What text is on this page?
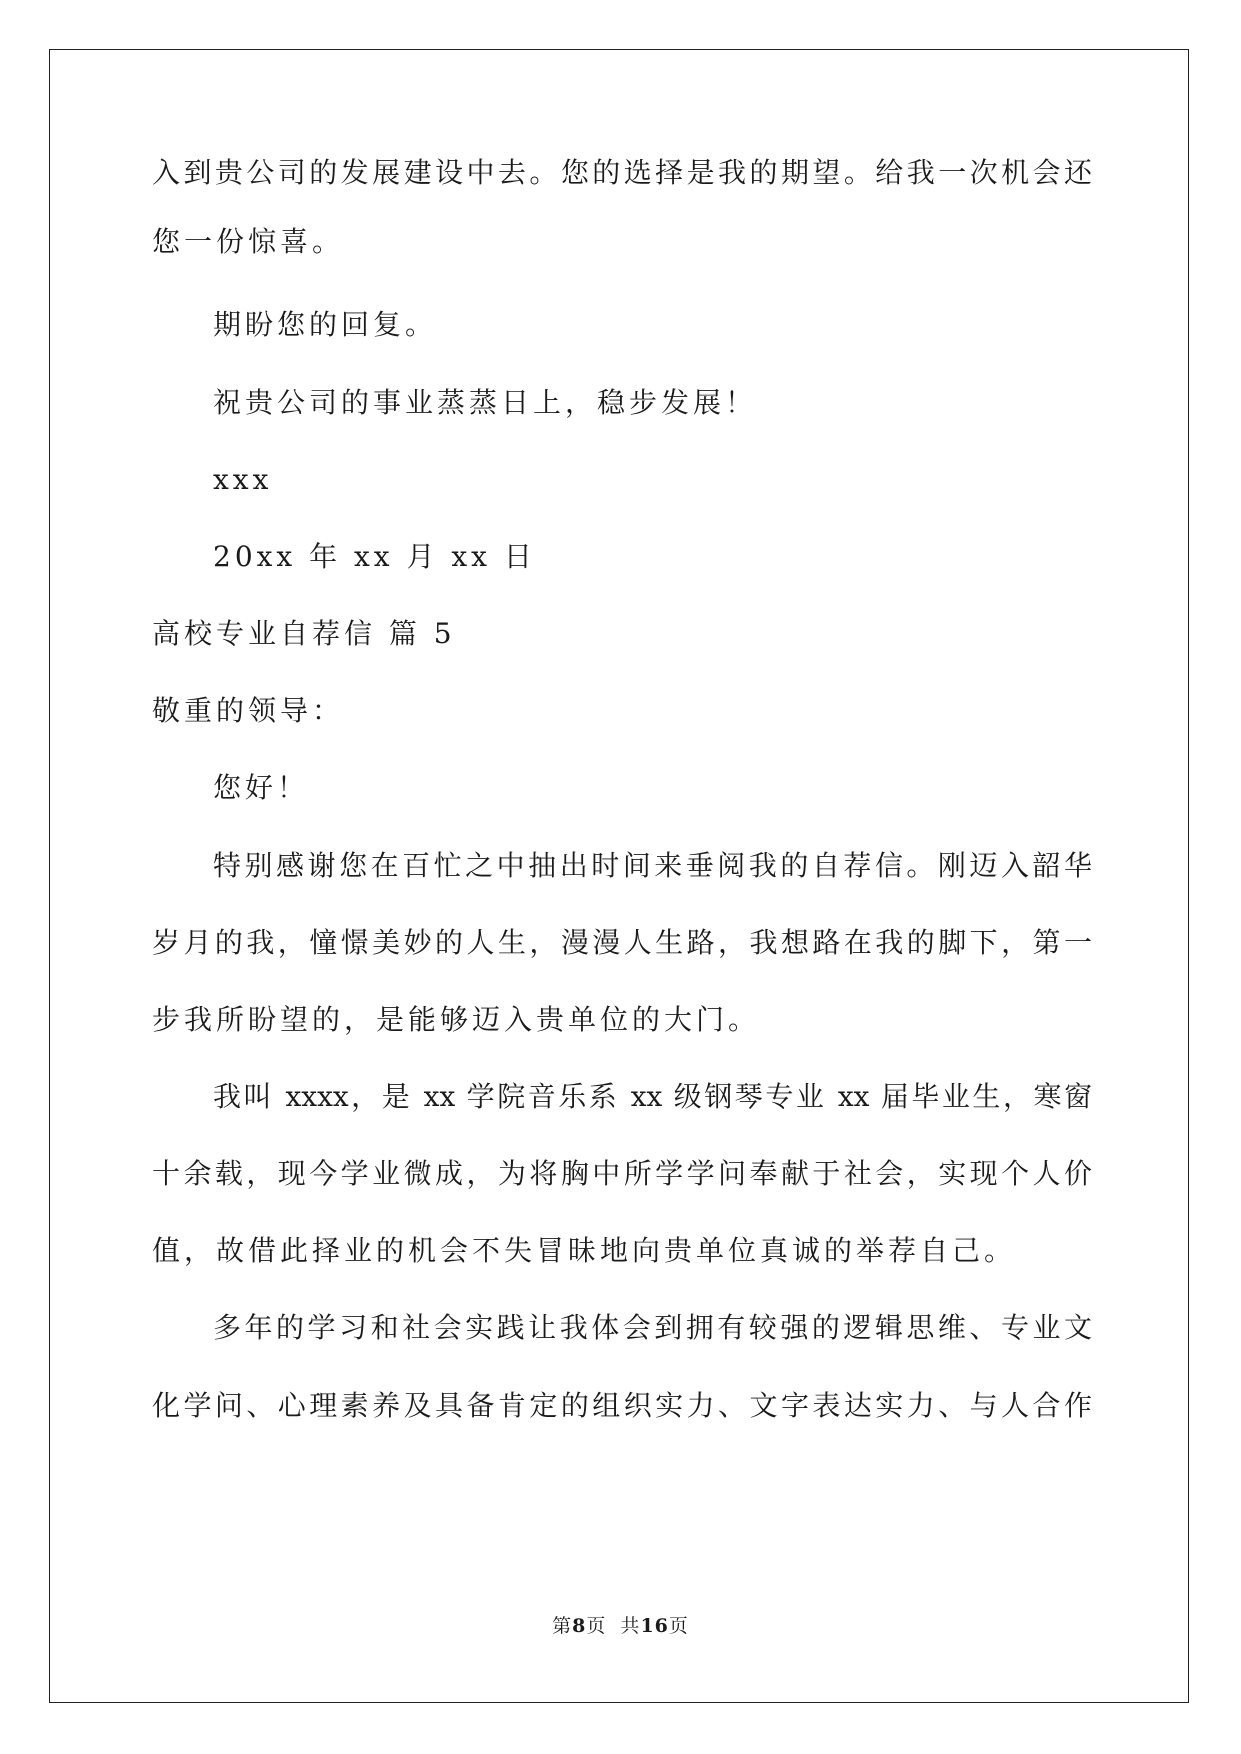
入到贵公司的发展建设中去。您的选择是我的期望。给我一次机会还
您一份惊喜。
期盼您的回复。
祝贵公司的事业蒸蒸日上，稳步发展！
xxx
20xx 年 xx 月 xx 日
高校专业自荐信 篇 5
敬重的领导：
您好！
特别感谢您在百忙之中抽出时间来垂阅我的自荐信。刚迈入韶华
岁月的我，憧憬美妙的人生，漫漫人生路，我想路在我的脚下，第一
步我所盼望的，是能够迈入贵单位的大门。
我叫 xxxx，是 xx 学院音乐系 xx 级钢琴专业 xx 届毕业生，寒窗
十余载，现今学业微成，为将胸中所学学问奉献于社会，实现个人价
值，故借此择业的机会不失冒昧地向贵单位真诚的举荐自己。
多年的学习和社会实践让我体会到拥有较强的逻辑思维、专业文
化学问、心理素养及具备肯定的组织实力、文字表达实力、与人合作
第8页  共16页
